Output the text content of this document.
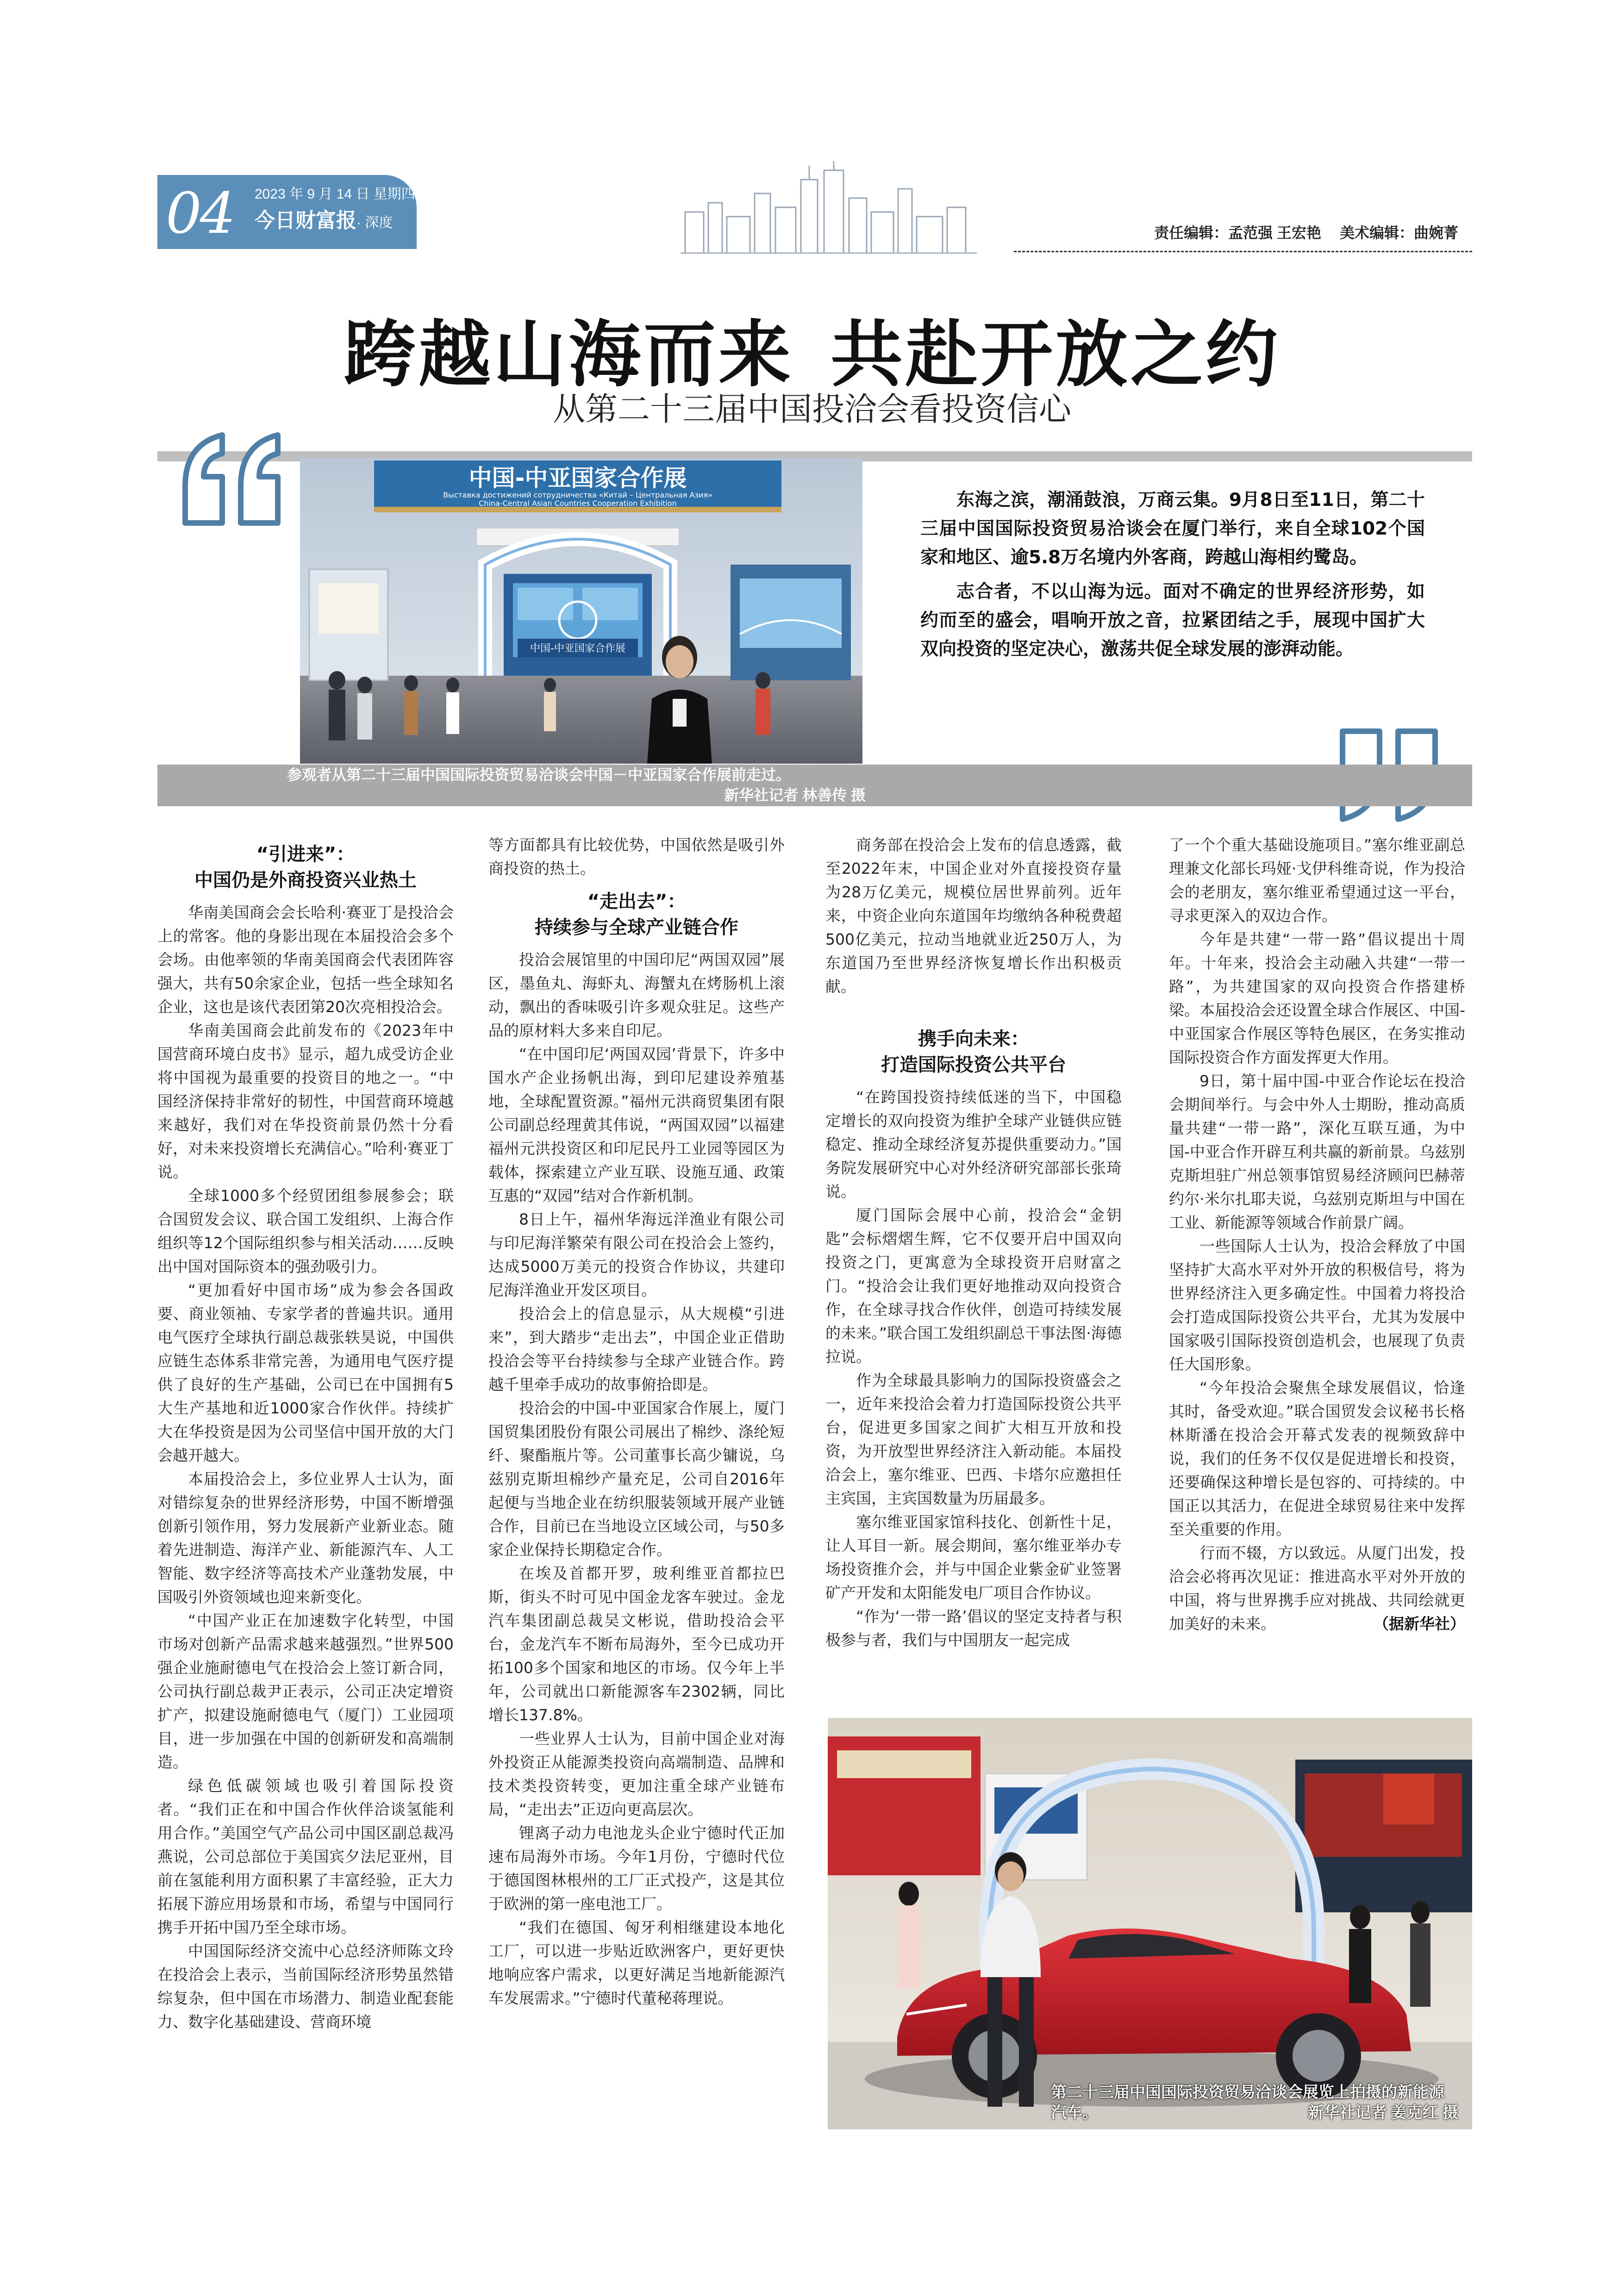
04	2023 年 9 月 14 日 星期四
今日财富报· 深度
责任编辑：孟范强 王宏艳 美术编辑：曲婉菁
跨越山海而来 共赴开放之约
从第二十三届中国投洽会看投资信心
中国-中亚国家合作展
Выставка достижений сотрудничества «Китай – Центральная Азия»
China-Central Asian Countries Cooperation Exhibition
中国-中亚国家合作展
参观者从第二十三届中国国际投资贸易洽谈会中国－中亚国家合作展前走过。
新华社记者 林善传 摄

东海之滨，潮涌鼓浪，万商云集。9月8日至11日，第二十三届中国国际投资贸易洽谈会在厦门举行，来自全球102个国家和地区、逾5.8万名境内外客商，跨越山海相约鹭岛。

志合者，不以山海为远。面对不确定的世界经济形势，如约而至的盛会，唱响开放之音，拉紧团结之手，展现中国扩大双向投资的坚定决心，激荡共促全球发展的澎湃动能。

“引进来”：
中国仍是外商投资兴业热土

华南美国商会会长哈利·赛亚丁是投洽会上的常客。他的身影出现在本届投洽会多个会场。由他率领的华南美国商会代表团阵容强大，共有50余家企业，包括一些全球知名企业，这也是该代表团第20次亮相投洽会。

华南美国商会此前发布的《2023年中国营商环境白皮书》显示，超九成受访企业将中国视为最重要的投资目的地之一。“中国经济保持非常好的韧性，中国营商环境越来越好，我们对在华投资前景仍然十分看好，对未来投资增长充满信心。”哈利·赛亚丁说。

全球1000多个经贸团组参展参会；联合国贸发会议、联合国工发组织、上海合作组织等12个国际组织参与相关活动……反映出中国对国际资本的强劲吸引力。

“更加看好中国市场”成为参会各国政要、商业领袖、专家学者的普遍共识。通用电气医疗全球执行副总裁张轶昊说，中国供应链生态体系非常完善，为通用电气医疗提供了良好的生产基础，公司已在中国拥有5大生产基地和近1000家合作伙伴。持续扩大在华投资是因为公司坚信中国开放的大门会越开越大。

本届投洽会上，多位业界人士认为，面对错综复杂的世界经济形势，中国不断增强创新引领作用，努力发展新产业新业态。随着先进制造、海洋产业、新能源汽车、人工智能、数字经济等高技术产业蓬勃发展，中国吸引外资领域也迎来新变化。

“中国产业正在加速数字化转型，中国市场对创新产品需求越来越强烈。”世界500强企业施耐德电气在投洽会上签订新合同，公司执行副总裁尹正表示，公司正决定增资扩产，拟建设施耐德电气（厦门）工业园项目，进一步加强在中国的创新研发和高端制造。

绿色低碳领域也吸引着国际投资者。“我们正在和中国合作伙伴洽谈氢能利用合作。”美国空气产品公司中国区副总裁冯燕说，公司总部位于美国宾夕法尼亚州，目前在氢能利用方面积累了丰富经验，正大力拓展下游应用场景和市场，希望与中国同行携手开拓中国乃至全球市场。

中国国际经济交流中心总经济师陈文玲在投洽会上表示，当前国际经济形势虽然错综复杂，但中国在市场潜力、制造业配套能力、数字化基础建设、营商环境

等方面都具有比较优势，中国依然是吸引外商投资的热土。

“走出去”：
持续参与全球产业链合作

投洽会展馆里的中国印尼“两国双园”展区，墨鱼丸、海虾丸、海蟹丸在烤肠机上滚动，飘出的香味吸引许多观众驻足。这些产品的原材料大多来自印尼。

“在中国印尼‘两国双园’背景下，许多中国水产企业扬帆出海，到印尼建设养殖基地，全球配置资源。”福州元洪商贸集团有限公司副总经理黄其伟说，“两国双园”以福建福州元洪投资区和印尼民丹工业园等园区为载体，探索建立产业互联、设施互通、政策互惠的“双园”结对合作新机制。

8日上午，福州华海远洋渔业有限公司与印尼海洋繁荣有限公司在投洽会上签约，达成5000万美元的投资合作协议，共建印尼海洋渔业开发区项目。

投洽会上的信息显示，从大规模“引进来”，到大踏步“走出去”，中国企业正借助投洽会等平台持续参与全球产业链合作。跨越千里牵手成功的故事俯拾即是。

投洽会的中国-中亚国家合作展上，厦门国贸集团股份有限公司展出了棉纱、涤纶短纤、聚酯瓶片等。公司董事长高少镛说，乌兹别克斯坦棉纱产量充足，公司自2016年起便与当地企业在纺织服装领域开展产业链合作，目前已在当地设立区域公司，与50多家企业保持长期稳定合作。

在埃及首都开罗，玻利维亚首都拉巴斯，街头不时可见中国金龙客车驶过。金龙汽车集团副总裁吴文彬说，借助投洽会平台，金龙汽车不断布局海外，至今已成功开拓100多个国家和地区的市场。仅今年上半年，公司就出口新能源客车2302辆，同比增长137.8%。

一些业界人士认为，目前中国企业对海外投资正从能源类投资向高端制造、品牌和技术类投资转变，更加注重全球产业链布局，“走出去”正迈向更高层次。

锂离子动力电池龙头企业宁德时代正加速布局海外市场。今年1月份，宁德时代位于德国图林根州的工厂正式投产，这是其位于欧洲的第一座电池工厂。

“我们在德国、匈牙利相继建设本地化工厂，可以进一步贴近欧洲客户，更好更快地响应客户需求，以更好满足当地新能源汽车发展需求。”宁德时代董秘蒋理说。

商务部在投洽会上发布的信息透露，截至2022年末，中国企业对外直接投资存量为28万亿美元，规模位居世界前列。近年来，中资企业向东道国年均缴纳各种税费超500亿美元，拉动当地就业近250万人，为东道国乃至世界经济恢复增长作出积极贡献。

携手向未来：
打造国际投资公共平台

“在跨国投资持续低迷的当下，中国稳定增长的双向投资为维护全球产业链供应链稳定、推动全球经济复苏提供重要动力。”国务院发展研究中心对外经济研究部部长张琦说。

厦门国际会展中心前，投洽会“金钥匙”会标熠熠生辉，它不仅要开启中国双向投资之门，更寓意为全球投资开启财富之门。“投洽会让我们更好地推动双向投资合作，在全球寻找合作伙伴，创造可持续发展的未来。”联合国工发组织副总干事法图·海德拉说。

作为全球最具影响力的国际投资盛会之一，近年来投洽会着力打造国际投资公共平台，促进更多国家之间扩大相互开放和投资，为开放型世界经济注入新动能。本届投洽会上，塞尔维亚、巴西、卡塔尔应邀担任主宾国，主宾国数量为历届最多。

塞尔维亚国家馆科技化、创新性十足，让人耳目一新。展会期间，塞尔维亚举办专场投资推介会，并与中国企业紫金矿业签署矿产开发和太阳能发电厂项目合作协议。

“作为‘一带一路’倡议的坚定支持者与积极参与者，我们与中国朋友一起完成

了一个个重大基础设施项目。”塞尔维亚副总理兼文化部长玛娅·戈伊科维奇说，作为投洽会的老朋友，塞尔维亚希望通过这一平台，寻求更深入的双边合作。

今年是共建“一带一路”倡议提出十周年。十年来，投洽会主动融入共建“一带一路”，为共建国家的双向投资合作搭建桥梁。本届投洽会还设置全球合作展区、中国-中亚国家合作展区等特色展区，在务实推动国际投资合作方面发挥更大作用。

9日，第十届中国-中亚合作论坛在投洽会期间举行。与会中外人士期盼，推动高质量共建“一带一路”，深化互联互通，为中国-中亚合作开辟互利共赢的新前景。乌兹别克斯坦驻广州总领事馆贸易经济顾问巴赫蒂约尔·米尔扎耶夫说，乌兹别克斯坦与中国在工业、新能源等领域合作前景广阔。

一些国际人士认为，投洽会释放了中国坚持扩大高水平对外开放的积极信号，将为世界经济注入更多确定性。中国着力将投洽会打造成国际投资公共平台，尤其为发展中国家吸引国际投资创造机会，也展现了负责任大国形象。

“今年投洽会聚焦全球发展倡议，恰逢其时，备受欢迎。”联合国贸发会议秘书长格林斯潘在投洽会开幕式发表的视频致辞中说，我们的任务不仅仅是促进增长和投资，还要确保这种增长是包容的、可持续的。中国正以其活力，在促进全球贸易往来中发挥至关重要的作用。

行而不辍，方以致远。从厦门出发，投洽会必将再次见证：推进高水平对外开放的中国，将与世界携手应对挑战、共同绘就更加美好的未来。	（据新华社）

第二十三届中国国际投资贸易洽谈会展览上拍摄的新能源汽车。	新华社记者 姜克红 摄
